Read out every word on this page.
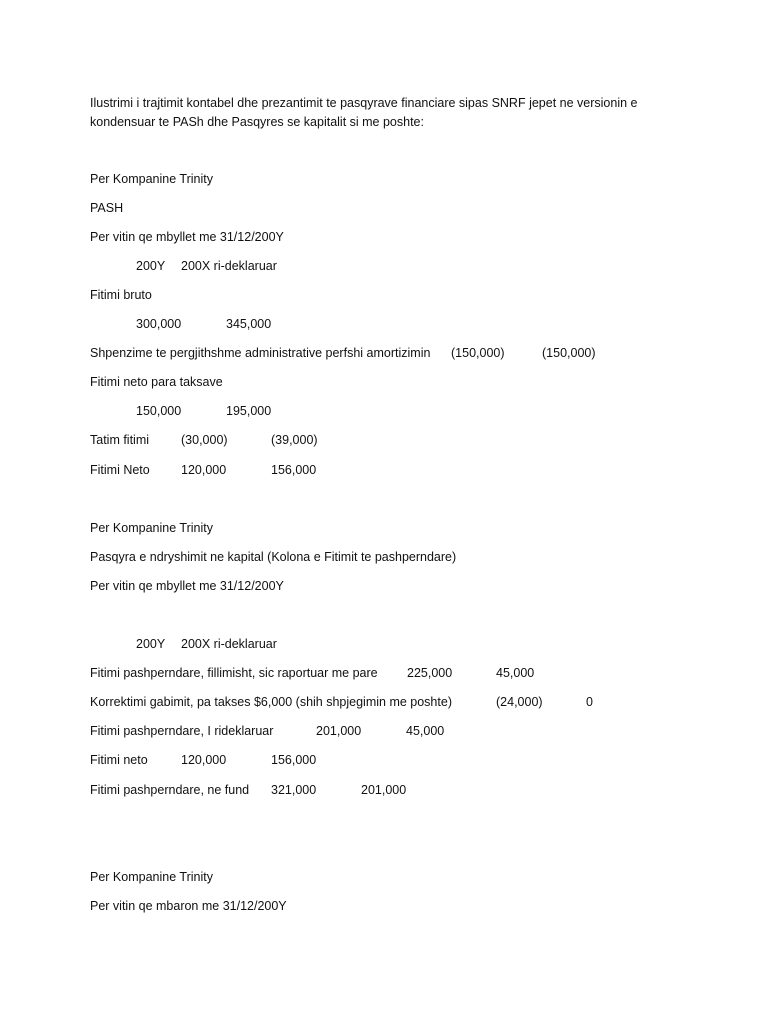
Ilustrimi i trajtimit kontabel dhe prezantimit te pasqyrave financiare sipas SNRF jepet ne versionin e
kondensuar te PASh dhe Pasqyres se kapitalit si me poshte:
Per Kompanine Trinity
PASH
Per vitin qe mbyllet me 31/12/200Y
200Y 200X ri-deklaruar
Fitimi bruto
300,000	345,000
Shpenzime te pergjithshme administrative perfshi amortizimin (150,000)	(150,000)
Fitimi neto para taksave
150,000	195,000
Tatim fitimi	(30,000)	(39,000)
Fitimi Neto	120,000	156,000
Per Kompanine Trinity
Pasqyra e ndryshimit ne kapital (Kolona e Fitimit te pashperndare)
Per vitin qe mbyllet me 31/12/200Y
200Y 200X ri-deklaruar
Fitimi pashperndare, fillimisht, sic raportuar me pare 225,000	45,000
Korrektimi gabimit, pa takses $6,000 (shih shpjegimin me poshte)	(24,000)	0
Fitimi pashperndare, I rideklaruar	201,000	45,000
Fitimi neto	120,000	156,000
Fitimi pashperndare, ne fund 321,000	201,000
Per Kompanine Trinity
Per vitin qe mbaron me 31/12/200Y
